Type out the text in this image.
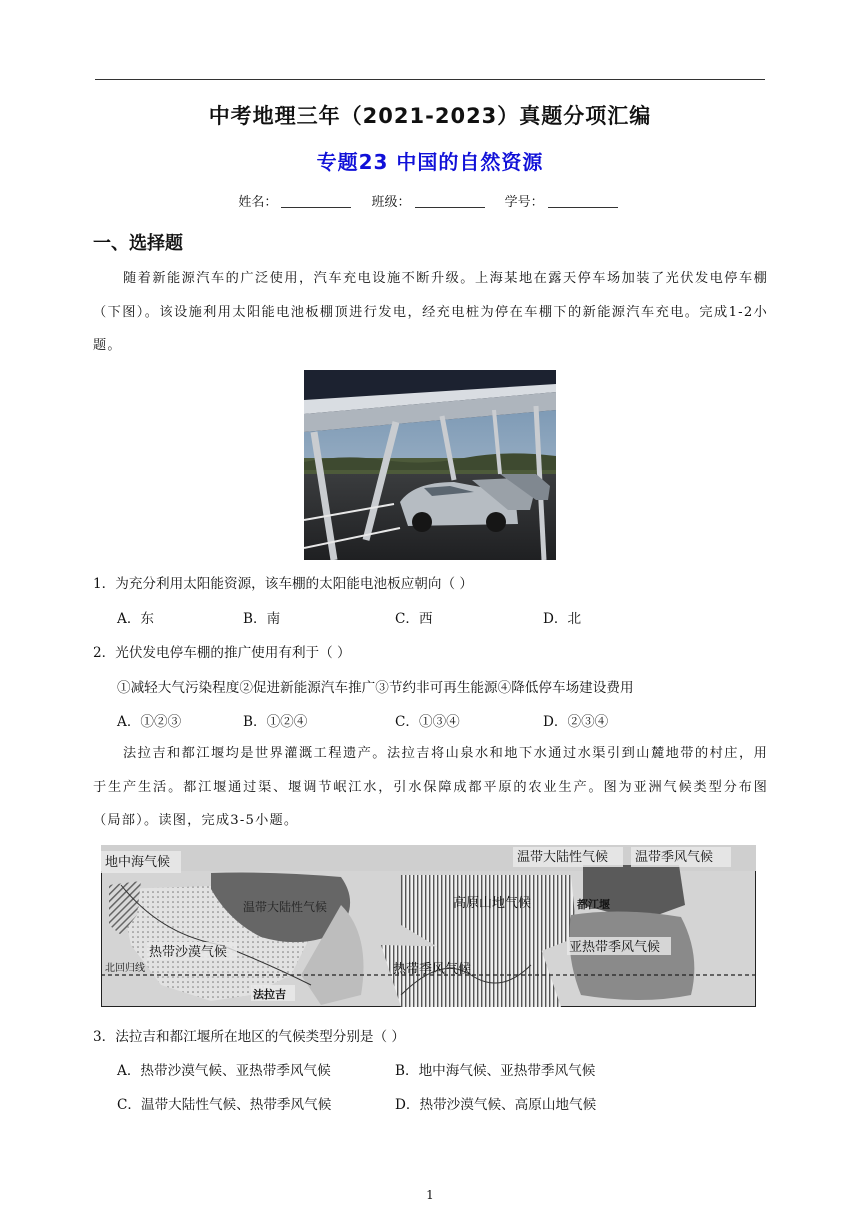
中考地理三年（2021-2023）真题分项汇编
专题23 中国的自然资源
姓名：	班级：	学号：
一、选择题
随着新能源汽车的广泛使用，汽车充电设施不断升级。上海某地在露天停车场加装了光伏发电停车棚（下图）。该设施利用太阳能电池板棚顶进行发电，经充电桩为停在车棚下的新能源汽车充电。完成1-2小题。
1．为充分利用太阳能资源，该车棚的太阳能电池板应朝向（ ）
A．东	B．南	C．西	D．北
2．光伏发电停车棚的推广使用有利于（ ）
①减轻大气污染程度②促进新能源汽车推广③节约非可再生能源④降低停车场建设费用
A．①②③	B．①②④	C．①③④	D．②③④
法拉吉和都江堰均是世界灌溉工程遗产。法拉吉将山泉水和地下水通过水渠引到山麓地带的村庄，用于生产生活。都江堰通过渠、堰调节岷江水，引水保障成都平原的农业生产。图为亚洲气候类型分布图（局部）。读图，完成3-5小题。
地中海气候	温带大陆性气候 温带季风气候
温带大陆性气候	高原山地气候	都江堰
热带沙漠气候
热带季风气候
亚热带季风气候
北回归线
法拉吉
3．法拉吉和都江堰所在地区的气候类型分别是（ ）
A．热带沙漠气候、亚热带季风气候	B．地中海气候、亚热带季风气候
C．温带大陆性气候、热带季风气候	D．热带沙漠气候、高原山地气候
1
